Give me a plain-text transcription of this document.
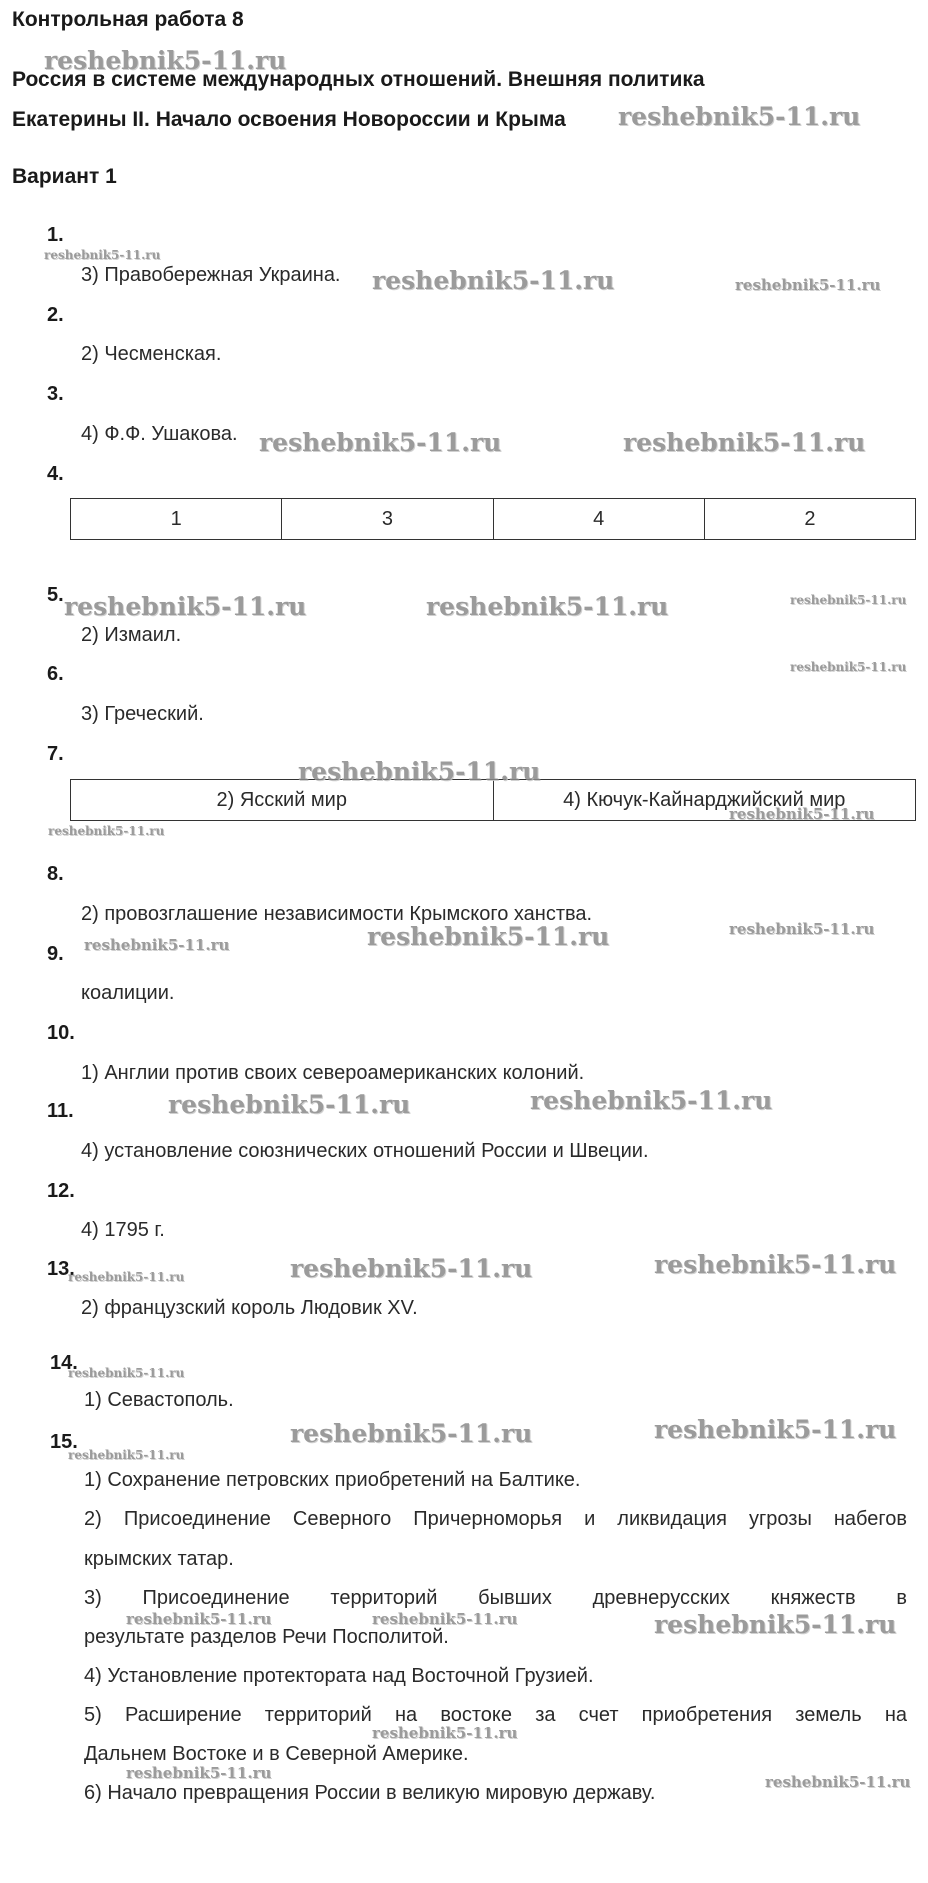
Контрольная работа 8
Россия в системе международных отношений. Внешняя политика
Екатерины II. Начало освоения Новороссии и Крыма
Вариант 1
1.
3) Правобережная Украина.
2.
2) Чесменская.
3.
4) Ф.Ф. Ушакова.
4.
1	3	4	2
5.
2) Измаил.
6.
3) Греческий.
7.
2) Ясский мир	4) Кючук-Кайнарджийский мир
8.
2) провозглашение независимости Крымского ханства.
9.
коалиции.
10.
1) Англии против своих североамериканских колоний.
11.
4) установление союзнических отношений России и Швеции.
12.
4) 1795 г.
13.
2) французский король Людовик XV.
14.
1) Севастополь.
15.
1) Сохранение петровских приобретений на Балтике.
2) Присоединение Северного Причерноморья и ликвидация угрозы набегов
крымских татар.
3) Присоединение территорий бывших древнерусских княжеств в
результате разделов Речи Посполитой.
4) Установление протектората над Восточной Грузией.
5) Расширение территорий на востоке за счет приобретения земель на
Дальнем Востоке и в Северной Америке.
6) Начало превращения России в великую мировую державу.
reshebnik5-11.ru
reshebnik5-11.ru
reshebnik5-11.ru
reshebnik5-11.ru	reshebnik5-11.ru
reshebnik5-11.ru	reshebnik5-11.ru
reshebnik5-11.ru	reshebnik5-11.ru	reshebnik5-11.ru
reshebnik5-11.ru
reshebnik5-11.ru
reshebnik5-11.ru
reshebnik5-11.ru
reshebnik5-11.ru
reshebnik5-11.ru	reshebnik5-11.ru
reshebnik5-11.ru	reshebnik5-11.ru
reshebnik5-11.ru	reshebnik5-11.ru
reshebnik5-11.ru
reshebnik5-11.ru
reshebnik5-11.ru	reshebnik5-11.ru
reshebnik5-11.ru
reshebnik5-11.ru	reshebnik5-11.ru	reshebnik5-11.ru
reshebnik5-11.ru
reshebnik5-11.ru	reshebnik5-11.ru
